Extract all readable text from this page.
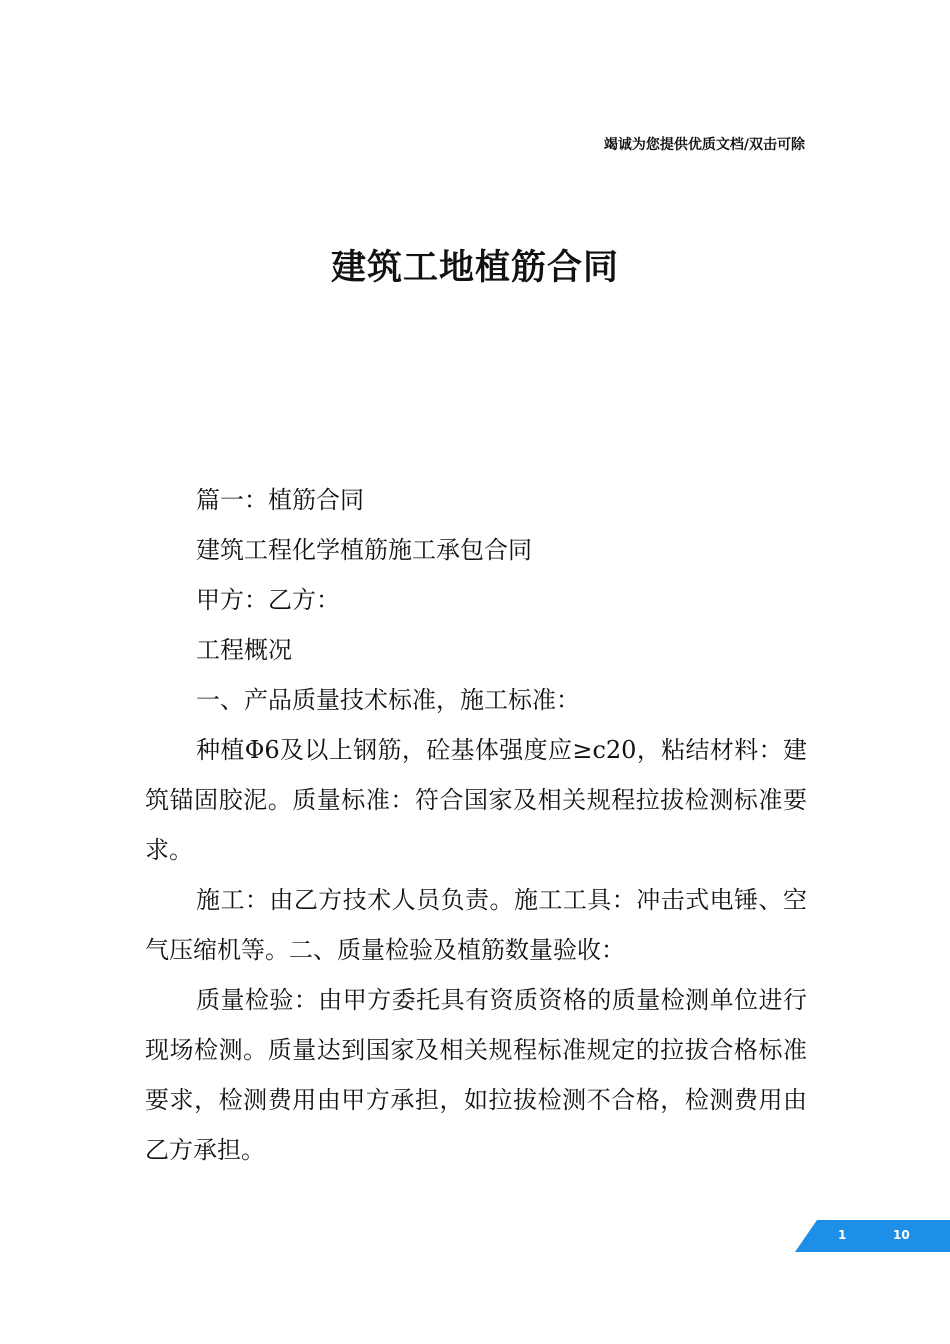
竭诚为您提供优质文档/双击可除
建筑工地植筋合同

篇一：植筋合同

建筑工程化学植筋施工承包合同

甲方：乙方：

工程概况

一、产品质量技术标准，施工标准：

种植Φ6及以上钢筋，砼基体强度应≥c20，粘结材料：建筑锚固胶泥。质量标准：符合国家及相关规程拉拔检测标准要求。

施工：由乙方技术人员负责。施工工具：冲击式电锤、空气压缩机等。二、质量检验及植筋数量验收：

质量检验：由甲方委托具有资质资格的质量检测单位进行现场检测。质量达到国家及相关规程标准规定的拉拔合格标准要求，检测费用由甲方承担，如拉拔检测不合格，检测费用由乙方承担。

1	10
